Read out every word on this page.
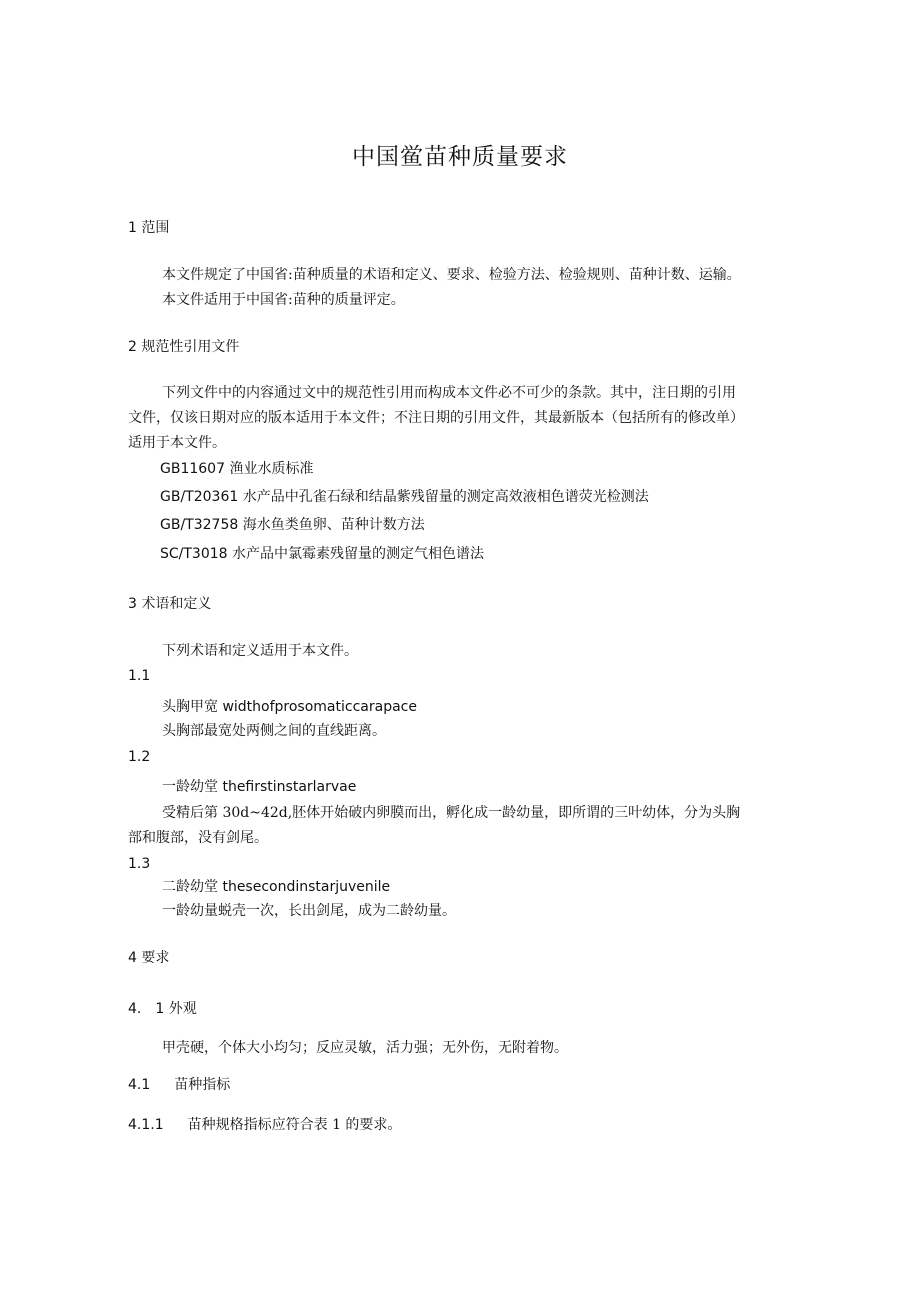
中国鲎苗种质量要求
1 范围
本文件规定了中国省:苗种质量的术语和定义、要求、检验方法、检验规则、苗种计数、运输。
本文件适用于中国省:苗种的质量评定。
2 规范性引用文件
下列文件中的内容通过文中的规范性引用而构成本文件必不可少的条款。其中，注日期的引用
文件，仅该日期对应的版本适用于本文件；不注日期的引用文件，其最新版本（包括所有的修改单）
适用于本文件。
GB11607 渔业水质标准
GB/T20361 水产品中孔雀石绿和结晶紫残留量的测定高效液相色谱荧光检测法
GB/T32758 海水鱼类鱼卵、苗种计数方法
SC/T3018 水产品中氯霉素残留量的测定气相色谱法
3 术语和定义
下列术语和定义适用于本文件。
1.1
头胸甲宽 widthofprosomaticcarapace
头胸部最宽处两侧之间的直线距离。
1.2
一龄幼堂 thefirstinstarlarvae
受精后第 30d~42d,胚体开始破内卵膜而出，孵化成一龄幼量，即所谓的三叶幼体，分为头胸
部和腹部，没有剑尾。
1.3
二龄幼堂 thesecondinstarjuvenile
一龄幼量蜕壳一次，长出剑尾，成为二龄幼量。
4 要求
4. 1 外观
甲壳硬，个体大小均匀；反应灵敏，活力强；无外伤，无附着物。
4.1 苗种指标
4.1.1 苗种规格指标应符合表 1 的要求。
